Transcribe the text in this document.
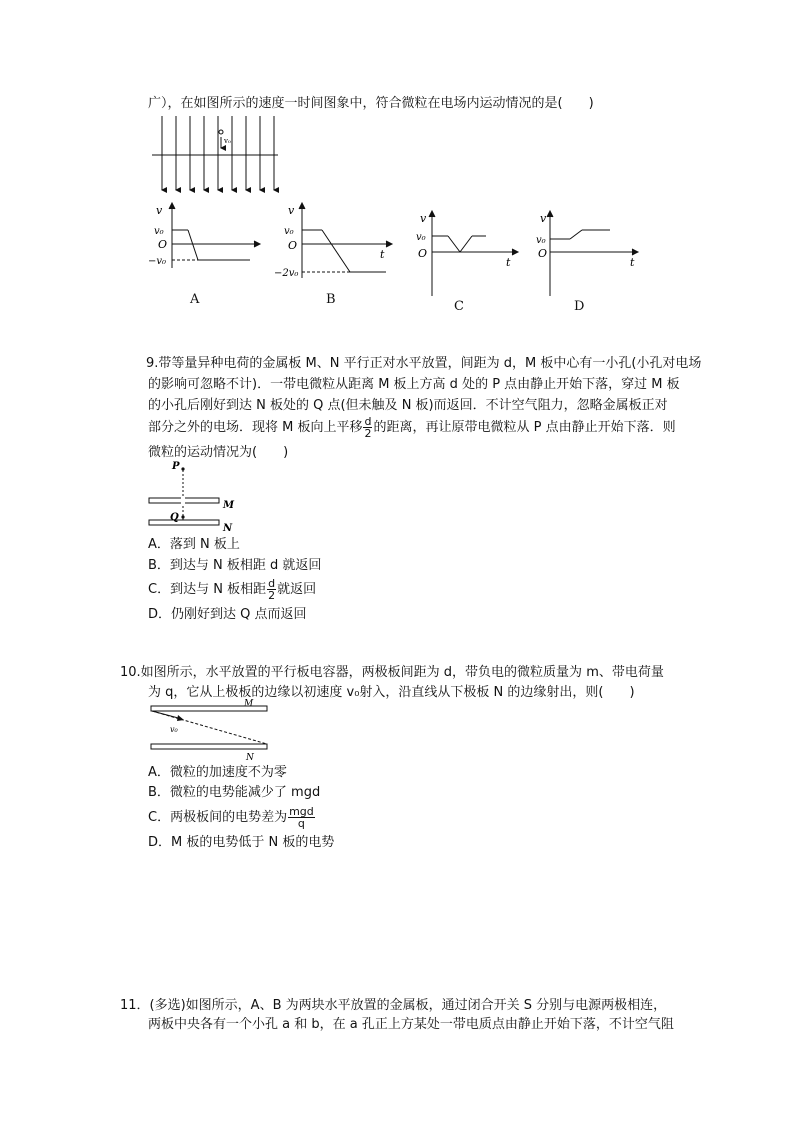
广），在如图所示的速度一时间图象中，符合微粒在电场内运动情况的是(　　)
v₀
v
v₀
O
−v₀
A
v
v₀
O
−2v₀
t
B
v
v₀
O
t
C
v
v₀
O
t
D
9.带等量异种电荷的金属板 M、N 平行正对水平放置，间距为 d，M 板中心有一小孔(小孔对电场
的影响可忽略不计)．一带电微粒从距离 M 板上方高 d 处的 P 点由静止开始下落，穿过 M 板
的小孔后刚好到达 N 板处的 Q 点(但未触及 N 板)而返回．不计空气阻力，忽略金属板正对
部分之外的电场．现将 M 板向上平移 $\frac{d}{2}$ 的距离，再让原带电微粒从 P 点由静止开始下落．则
微粒的运动情况为(　　)
P
Q
M
N
A．落到 N 板上
B．到达与 N 板相距 d 就返回
C．到达与 N 板相距 $\frac{d}{2}$ 就返回
D．仍刚好到达 Q 点而返回
10.如图所示，水平放置的平行板电容器，两极板间距为 d，带负电的微粒质量为 m、带电荷量
为 q，它从上极板的边缘以初速度 v₀射入，沿直线从下极板 N 的边缘射出，则(　　)
M
N
v₀
A．微粒的加速度不为零
B．微粒的电势能减少了 mgd
C．两极板间的电势差为 $\frac{\text{mgd}}{q}$
D．M 板的电势低于 N 板的电势
11．(多选)如图所示，A、B 为两块水平放置的金属板，通过闭合开关 S 分别与电源两极相连，
两板中央各有一个小孔 a 和 b，在 a 孔正上方某处一带电质点由静止开始下落，不计空气阻
